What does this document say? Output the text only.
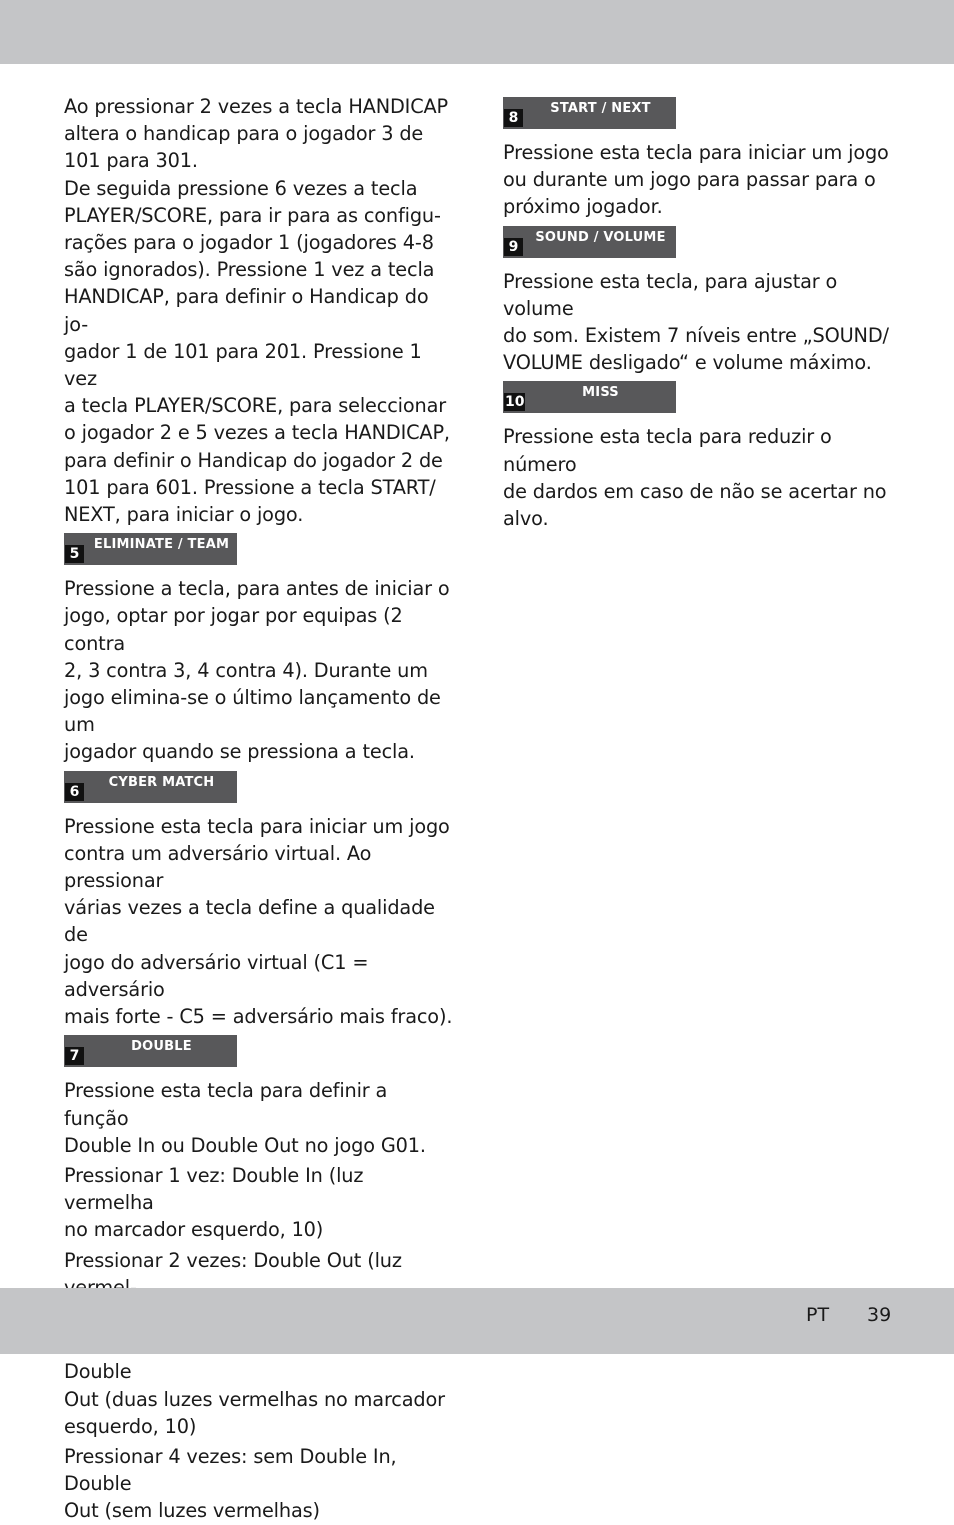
Ao pressionar 2 vezes a tecla HANDICAP
altera o handicap para o jogador 3 de
101 para 301.
De seguida pressione 6 vezes a tecla
PLAYER/SCORE, para ir para as configu-
rações para o jogador 1 (jogadores 4-8
são ignorados). Pressione 1 vez a tecla
HANDICAP, para definir o Handicap do jo-
gador 1 de 101 para 201. Pressione 1 vez
a tecla PLAYER/SCORE, para seleccionar
o jogador 2 e 5 vezes a tecla HANDICAP,
para definir o Handicap do jogador 2 de
101 para 601. Pressione a tecla START/
NEXT, para iniciar o jogo.

5
ELIMINATE / TEAM

Pressione a tecla, para antes de iniciar o
jogo, optar por jogar por equipas (2 contra
2, 3 contra 3, 4 contra 4). Durante um
jogo elimina-se o último lançamento de um
jogador quando se pressiona a tecla.

6
CYBER MATCH

Pressione esta tecla para iniciar um jogo
contra um adversário virtual. Ao pressionar
várias vezes a tecla define a qualidade de
jogo do adversário virtual (C1 = adversário
mais forte - C5 = adversário mais fraco).

7
DOUBLE

Pressione esta tecla para definir a função
Double In ou Double Out no jogo G01.

Pressionar 1 vez: Double In (luz vermelha
no marcador esquerdo, 10)

Pressionar 2 vezes: Double Out (luz

Double
Out (duas luzes vermelhas no marcador
esquerdo, 10)

Pressionar 4 vezes: sem Double In, Double
Out (sem luzes vermelhas)

8
START / NEXT

Pressione esta tecla para iniciar um jogo
ou durante um jogo para passar para o
próximo jogador.

9
SOUND / VOLUME

Pressione esta tecla, para ajustar o volume
do som. Existem 7 níveis entre „SOUND/
VOLUME desligado“ e volume máximo.

10
MISS

Pressione esta tecla para reduzir o número
de dardos em caso de não se acertar no
alvo.

PT 39
